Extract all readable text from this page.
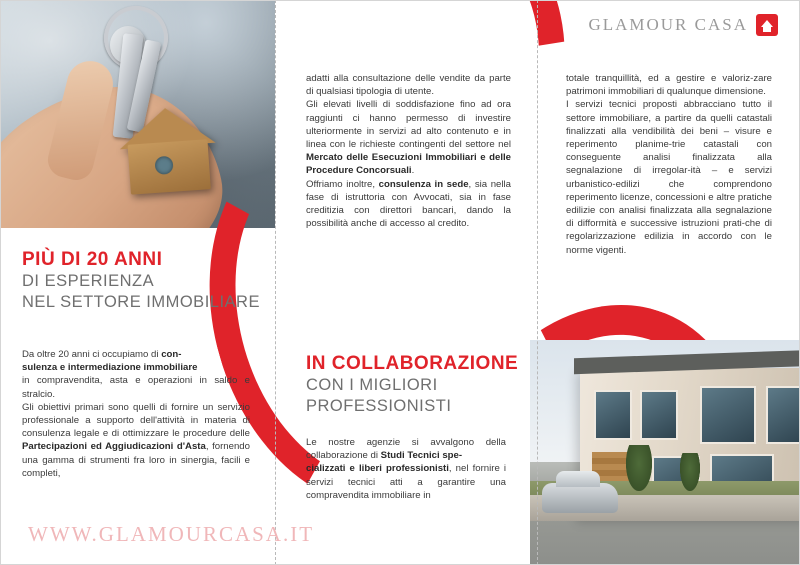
GLAMOUR CASA
PIÙ DI 20 ANNI
DI ESPERIENZA
NEL SETTORE IMMOBILIARE

Da oltre 20 anni ci occupiamo di con-
sulenza e intermediazione immobiliare
in compravendita, asta e operazioni in saldo e stralcio.

Gli obiettivi primari sono quelli di fornire un servizio professionale a supporto dell'attività in materia di consulenza legale e di ottimizzare le procedure delle Partecipazioni ed Aggiudicazioni d'Asta, fornendo una gamma di strumenti fra loro in sinergia, facili e completi,

adatti alla consultazione delle vendite da parte di qualsiasi tipologia di utente.

Gli elevati livelli di soddisfazione fino ad ora raggiunti ci hanno permesso di investire ulteriormente in servizi ad alto contenuto e in linea con le richieste contingenti del settore nel Mercato delle Esecuzioni Immobiliari e delle Procedure Concorsuali.

Offriamo inoltre, consulenza in sede, sia nella fase di istruttoria con Avvocati, sia in fase creditizia con direttori bancari, dando la possibilità anche di accesso al credito.

IN COLLABORAZIONE
CON I MIGLIORI
PROFESSIONISTI

Le nostre agenzie si avvalgono della collaborazione di Studi Tecnici spe-
cializzati e liberi professionisti, nel fornire i servizi tecnici atti a garantire una compravendita immobiliare in

totale tranquillità, ed a gestire e valoriz-zare patrimoni immobiliari di qualunque dimensione.

I servizi tecnici proposti abbracciano tutto il settore immobiliare, a partire da quelli catastali finalizzati alla vendibilità dei beni – visure e reperimento planime-trie catastali con conseguente analisi finalizzata alla segnalazione di irregolar-ità – e servizi urbanistico-edilizi che comprendono reperimento licenze, concessioni e altre pratiche edilizie con analisi finalizzata alla segnalazione di difformità e successive istruzioni prati-che di regolarizzazione edilizia in accordo con le norme vigenti.

WWW.GLAMOURCASA.IT
